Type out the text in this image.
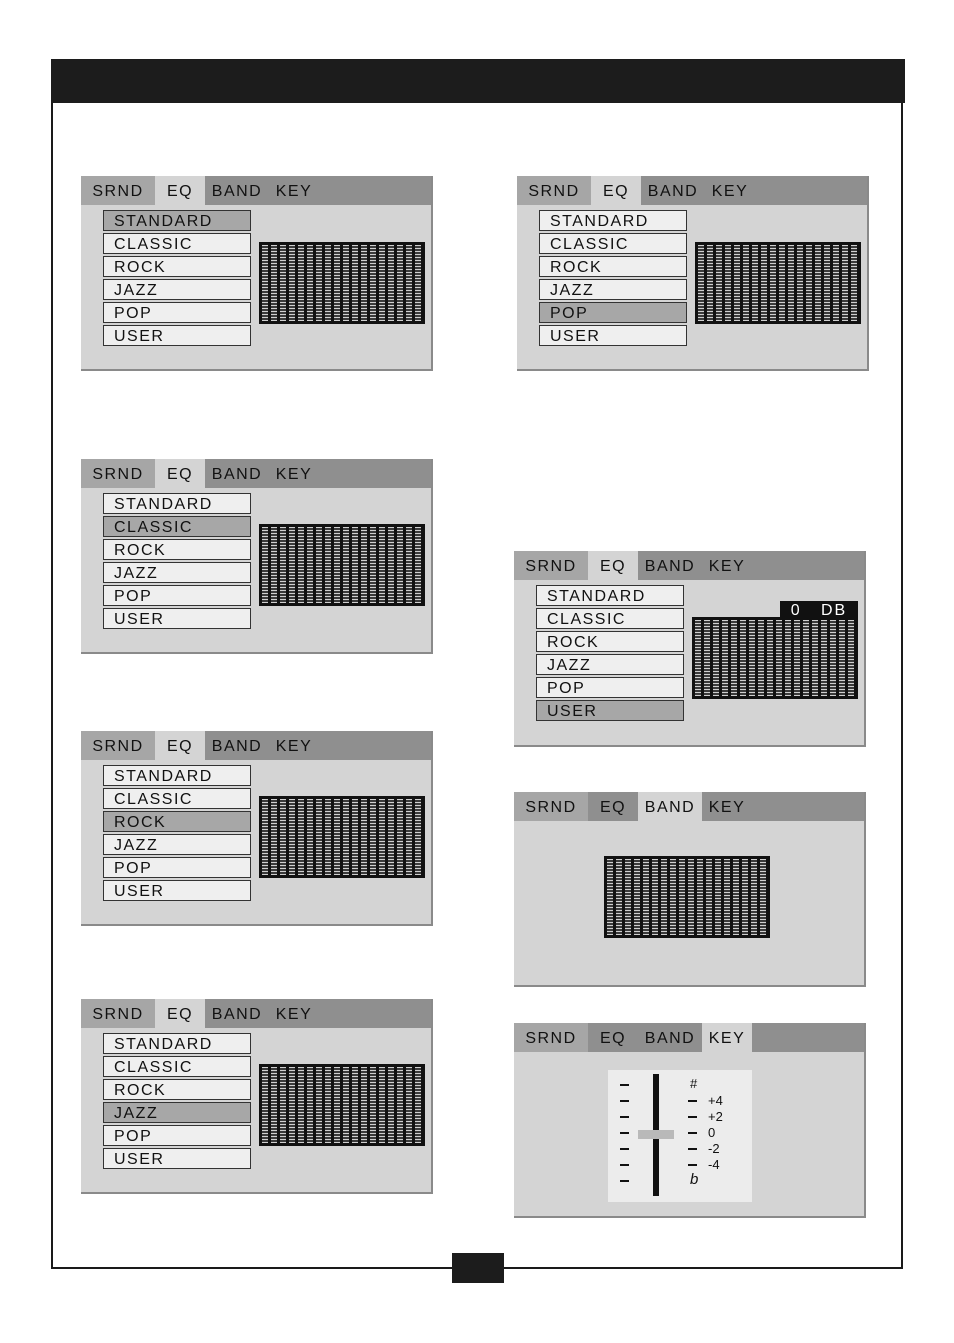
SRND	EQ	BAND KEY
STANDARD
CLASSIC
ROCK
JAZZ
POP
USER
SRND	EQ	BAND KEY
STANDARD
CLASSIC
ROCK
JAZZ
POP
USER
SRND	EQ	BAND KEY
STANDARD
CLASSIC
ROCK
JAZZ
POP
USER
SRND	EQ	BAND KEY
STANDARD
CLASSIC
ROCK
JAZZ
POP
USER
SRND	EQ	BAND KEY
STANDARD
CLASSIC
ROCK
JAZZ
POP
USER
SRND	EQ	BAND KEY
STANDARD
CLASSIC
ROCK
JAZZ
POP
USER
0   DB
SRND	EQ	BAND KEY
SRND	EQ	BAND KEY
#
+4
+2
0
-2
-4
b
